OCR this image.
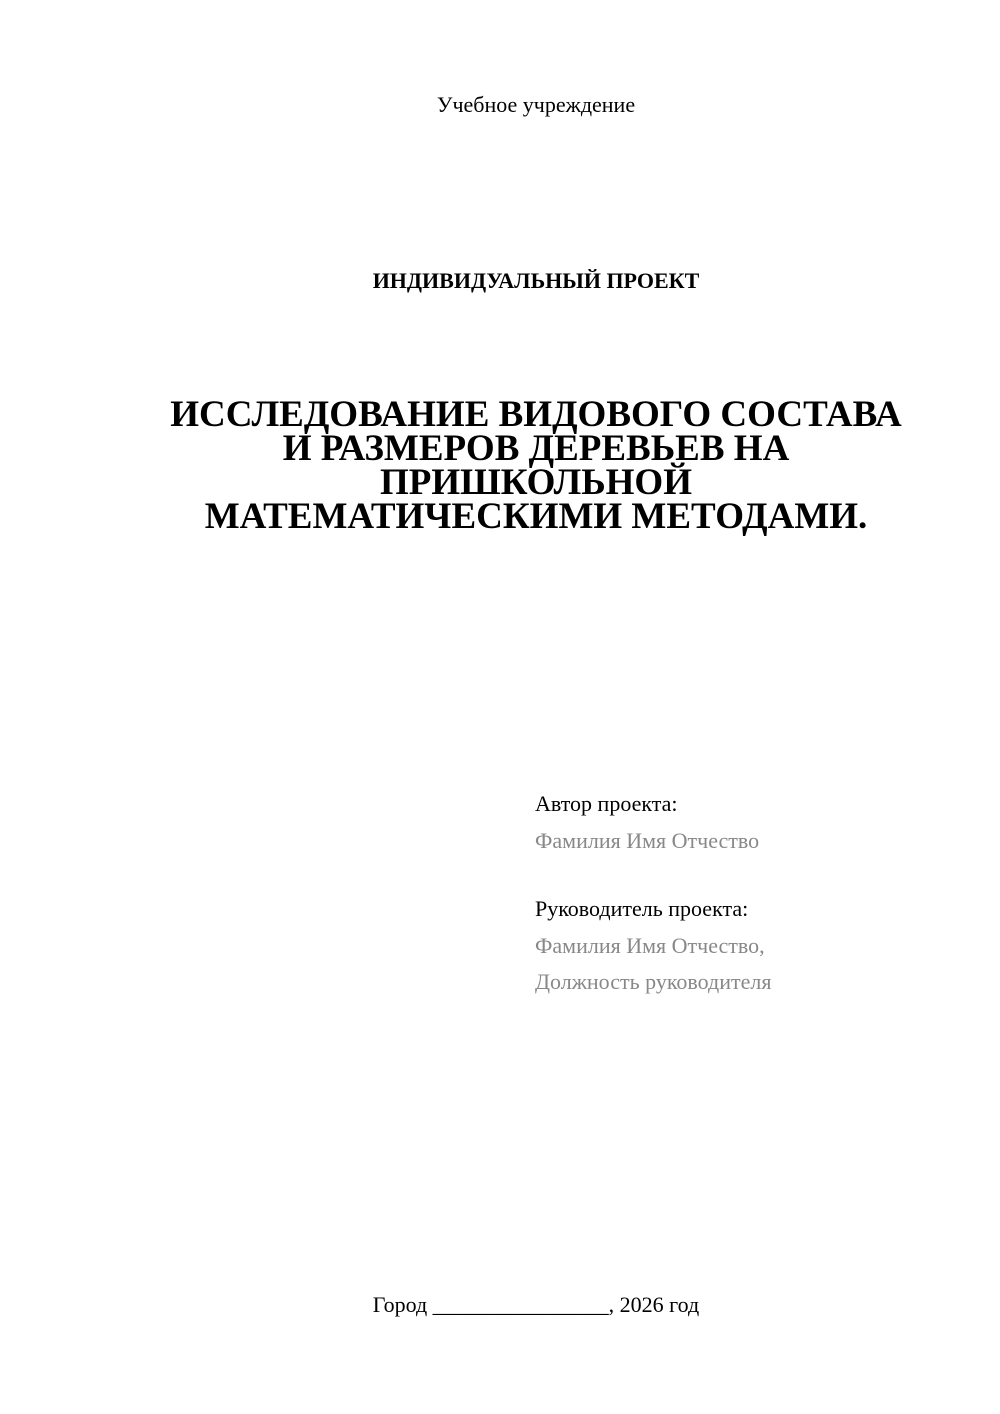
Учебное учреждение
ИНДИВИДУАЛЬНЫЙ ПРОЕКТ
ИССЛЕДОВАНИЕ ВИДОВОГО СОСТАВА
И РАЗМЕРОВ ДЕРЕВЬЕВ НА
ПРИШКОЛЬНОЙ
МАТЕМАТИЧЕСКИМИ МЕТОДАМИ.
Автор проекта:
Фамилия Имя Отчество
Руководитель проекта:
Фамилия Имя Отчество,
Должность руководителя
Город ________________, 2026 год
